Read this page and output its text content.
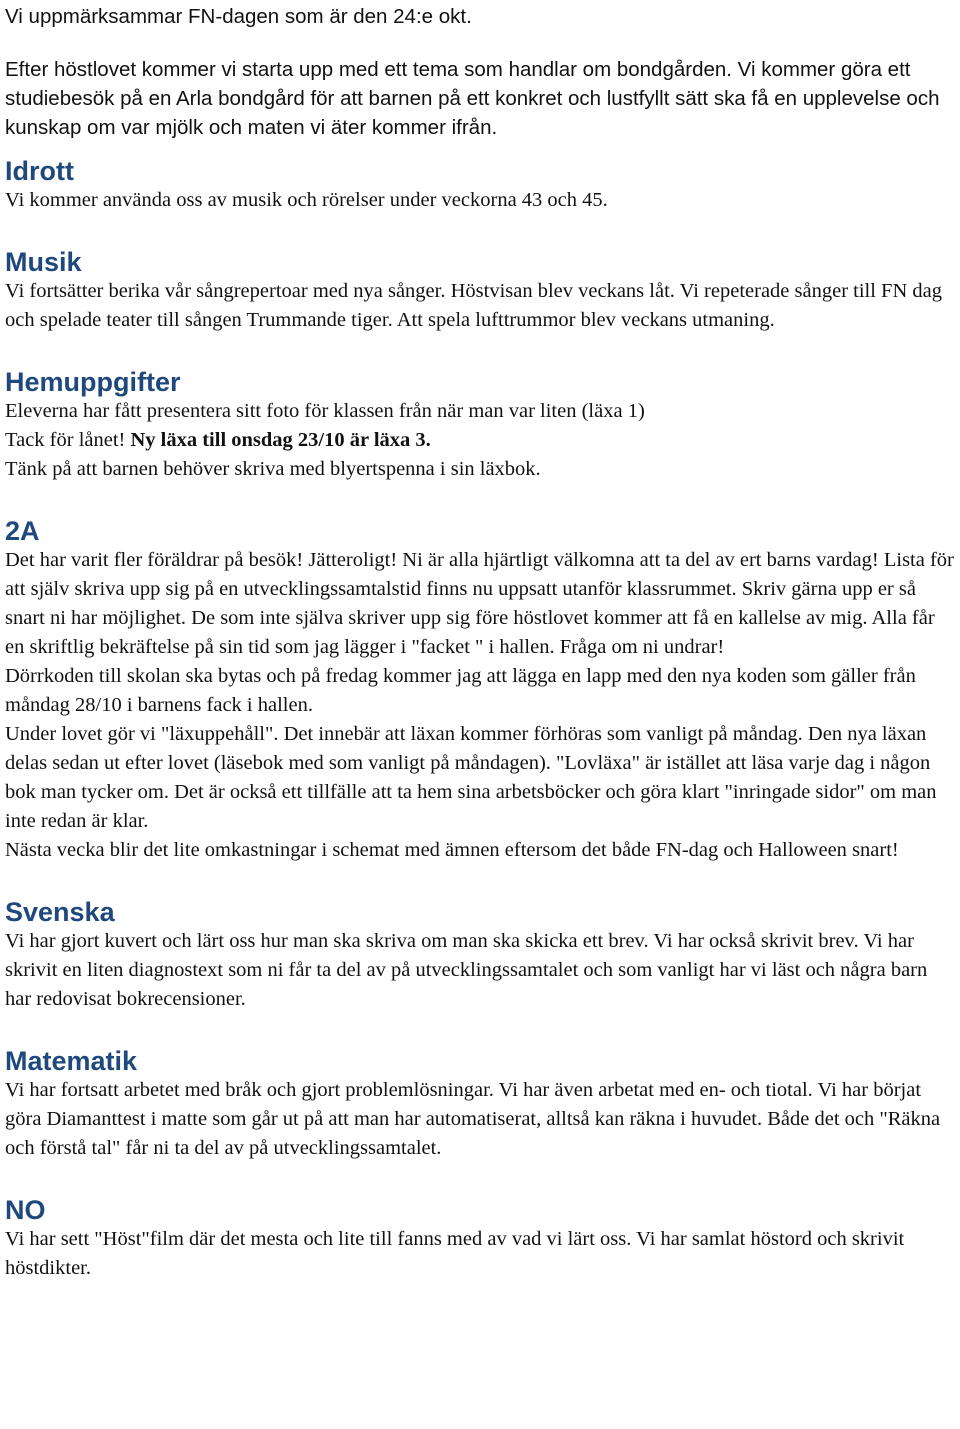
Vi uppmärksammar FN-dagen som är den 24:e okt.

Efter höstlovet kommer vi starta upp med ett tema som handlar om bondgården. Vi kommer göra ett studiebesök på en Arla bondgård för att barnen på ett konkret och lustfyllt sätt ska få en upplevelse och kunskap om var mjölk och maten vi äter kommer ifrån.

Idrott

Vi kommer använda oss av musik och rörelser under veckorna 43 och 45.

Musik

Vi fortsätter berika vår sångrepertoar med nya sånger. Höstvisan blev veckans låt. Vi repeterade sånger till FN dag och spelade teater till sången Trummande tiger. Att spela lufttrummor blev veckans utmaning.

Hemuppgifter

Eleverna har fått presentera sitt foto för klassen från när man var liten (läxa 1)

Tack för lånet! Ny läxa till onsdag 23/10 är läxa 3.

Tänk på att barnen behöver skriva med blyertspenna i sin läxbok.

2A

Det har varit fler föräldrar på besök! Jätteroligt! Ni är alla hjärtligt välkomna att ta del av ert barns vardag! Lista för att själv skriva upp sig på en utvecklingssamtalstid finns nu uppsatt utanför klassrummet. Skriv gärna upp er så snart ni har möjlighet. De som inte själva skriver upp sig före höstlovet kommer att få en kallelse av mig. Alla får en skriftlig bekräftelse på sin tid som jag lägger i "facket " i hallen. Fråga om ni undrar!

Dörrkoden till skolan ska bytas och på fredag kommer jag att lägga en lapp med den nya koden som gäller från måndag 28/10 i barnens fack i hallen.

Under lovet gör vi "läxuppehåll". Det innebär att läxan kommer förhöras som vanligt på måndag. Den nya läxan delas sedan ut efter lovet (läsebok med som vanligt på måndagen). "Lovläxa" är istället att läsa varje dag i någon bok man tycker om. Det är också ett tillfälle att ta hem sina arbetsböcker och göra klart "inringade sidor" om man inte redan är klar.

Nästa vecka blir det lite omkastningar i schemat med ämnen eftersom det både FN-dag och Halloween snart!

Svenska

Vi har gjort kuvert och lärt oss hur man ska skriva om man ska skicka ett brev. Vi har också skrivit brev. Vi har skrivit en liten diagnostext som ni får ta del av på utvecklingssamtalet och som vanligt har vi läst och några barn har redovisat bokrecensioner.

Matematik

Vi har fortsatt arbetet med bråk och gjort problemlösningar. Vi har även arbetat med en- och tiotal. Vi har börjat göra Diamanttest i matte som går ut på att man har automatiserat, alltså kan räkna i huvudet. Både det och "Räkna och förstå tal" får ni ta del av på utvecklingssamtalet.

NO

Vi har sett "Höst"film där det mesta och lite till fanns med av vad vi lärt oss. Vi har samlat höstord och skrivit höstdikter.
